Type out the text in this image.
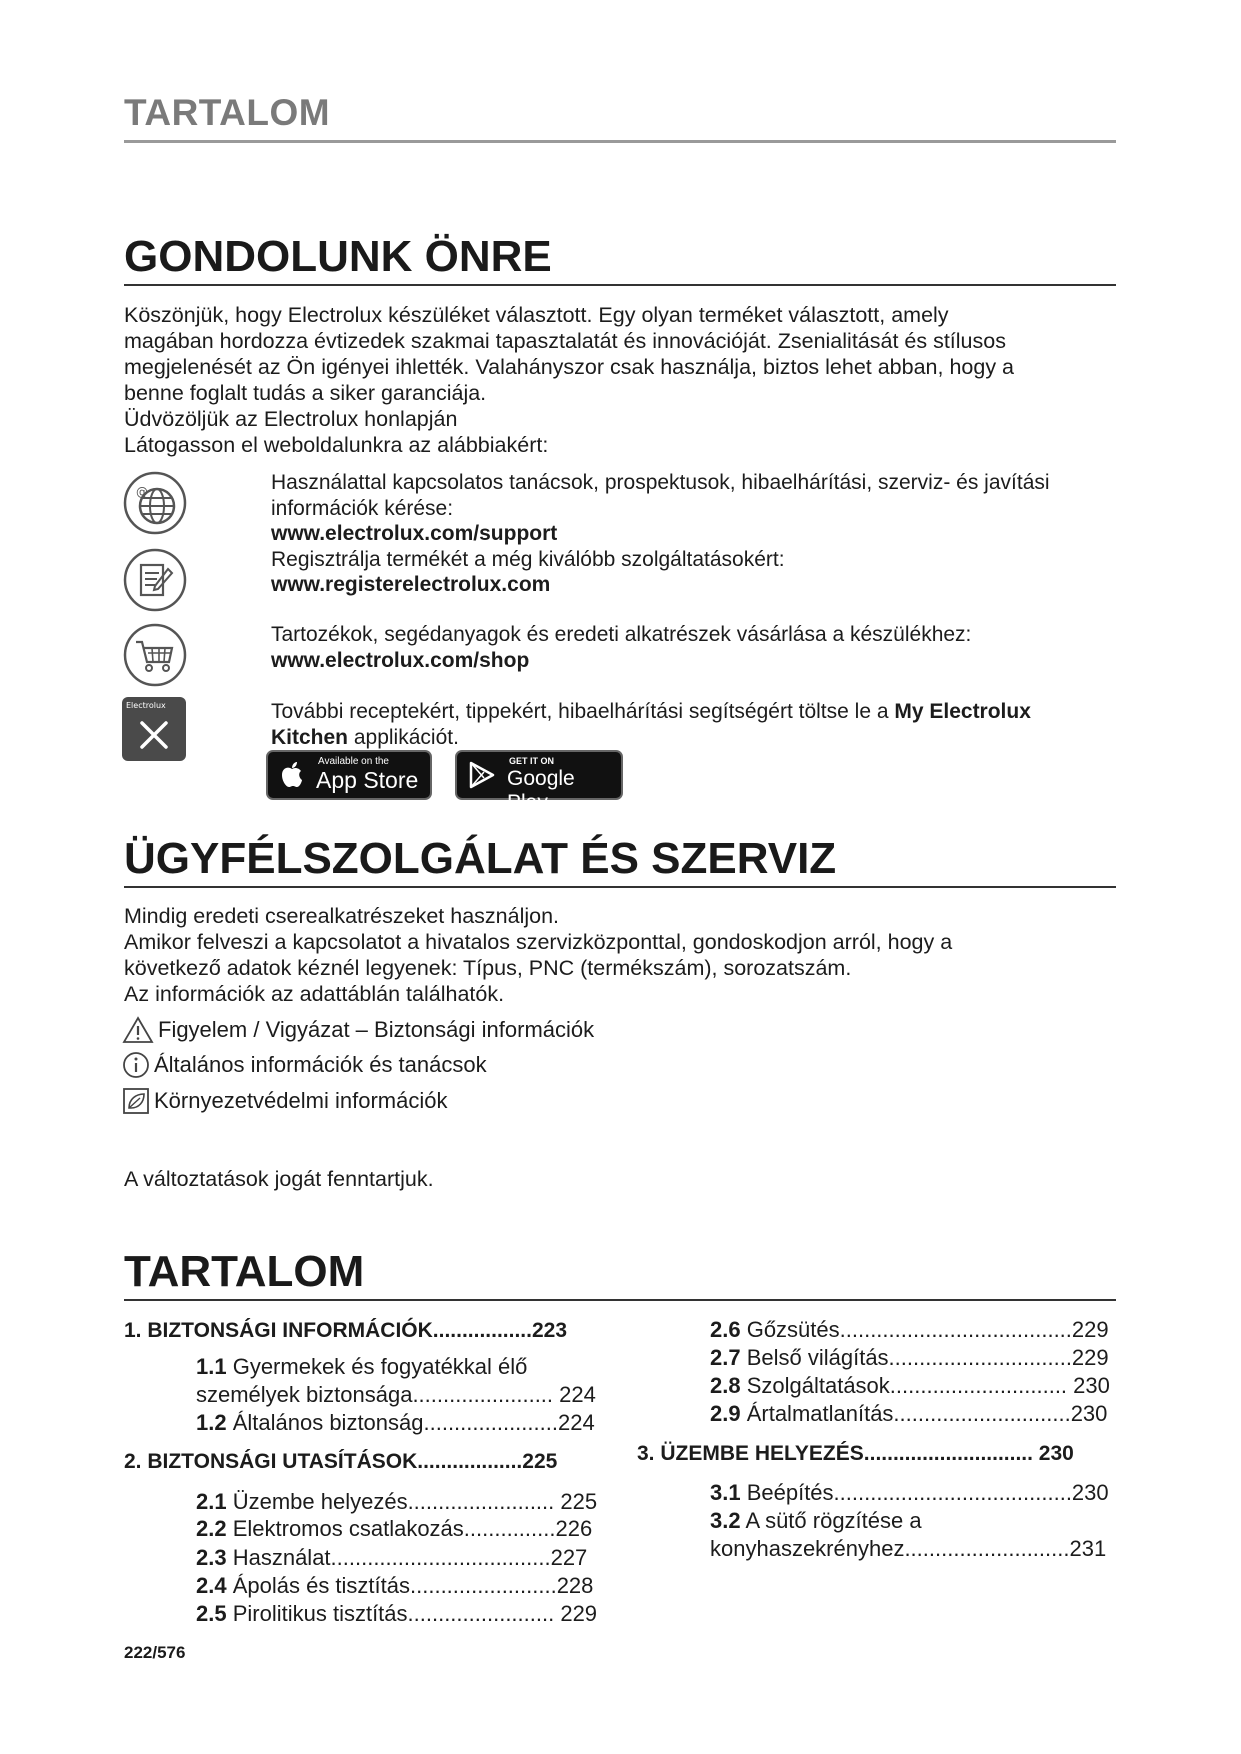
TARTALOM
GONDOLUNK ÖNRE

Köszönjük, hogy Electrolux készüléket választott. Egy olyan terméket választott, amely

magában hordozza évtizedek szakmai tapasztalatát és innovációját. Zsenialitását és stílusos

megjelenését az Ön igényei ihlették. Valahányszor csak használja, biztos lehet abban, hogy a

benne foglalt tudás a siker garanciája.

Üdvözöljük az Electrolux honlapján

Látogasson el weboldalunkra az alábbiakért:

@	Használattal kapcsolatos tanácsok, prospektusok, hibaelhárítási, szerviz- és javítási

információk kérése:

www.electrolux.com/support

Regisztrálja termékét a még kiválóbb szolgáltatásokért:

www.registerelectrolux.com

Tartozékok, segédanyagok és eredeti alkatrészek vásárlása a készülékhez:

www.electrolux.com/shop

Electrolux	További receptekért, tippekért, hibaelhárítási segítségért töltse le a My Electrolux

Kitchen applikációt.

Available on the
App Store
GET IT ON
Google Play
ÜGYFÉLSZOLGÁLAT ÉS SZERVIZ

Mindig eredeti cserealkatrészeket használjon.

Amikor felveszi a kapcsolatot a hivatalos szervizközponttal, gondoskodjon arról, hogy a

következő adatok kéznél legyenek: Típus, PNC (termékszám), sorozatszám.

Az információk az adattáblán találhatók.

Figyelem / Vigyázat – Biztonsági információk
Általános információk és tanácsok
Környezetvédelmi információk
A változtatások jogát fenntartjuk.
TARTALOM
1. BIZTONSÁGI INFORMÁCIÓK.................223
1.1 Gyermekek és fogyatékkal élő
személyek biztonsága....................... 224
1.2 Általános biztonság......................224
2. BIZTONSÁGI UTASÍTÁSOK..................225
2.1 Üzembe helyezés........................ 225
2.2 Elektromos csatlakozás...............226
2.3 Használat....................................227
2.4 Ápolás és tisztítás........................228
2.5 Pirolitikus tisztítás........................ 229
2.6 Gőzsütés......................................229
2.7 Belső világítás..............................229
2.8 Szolgáltatások............................. 230
2.9 Ártalmatlanítás.............................230
3. ÜZEMBE HELYEZÉS............................. 230
3.1 Beépítés.......................................230
3.2 A sütő rögzítése a
konyhaszekrényhez...........................231
222/576
